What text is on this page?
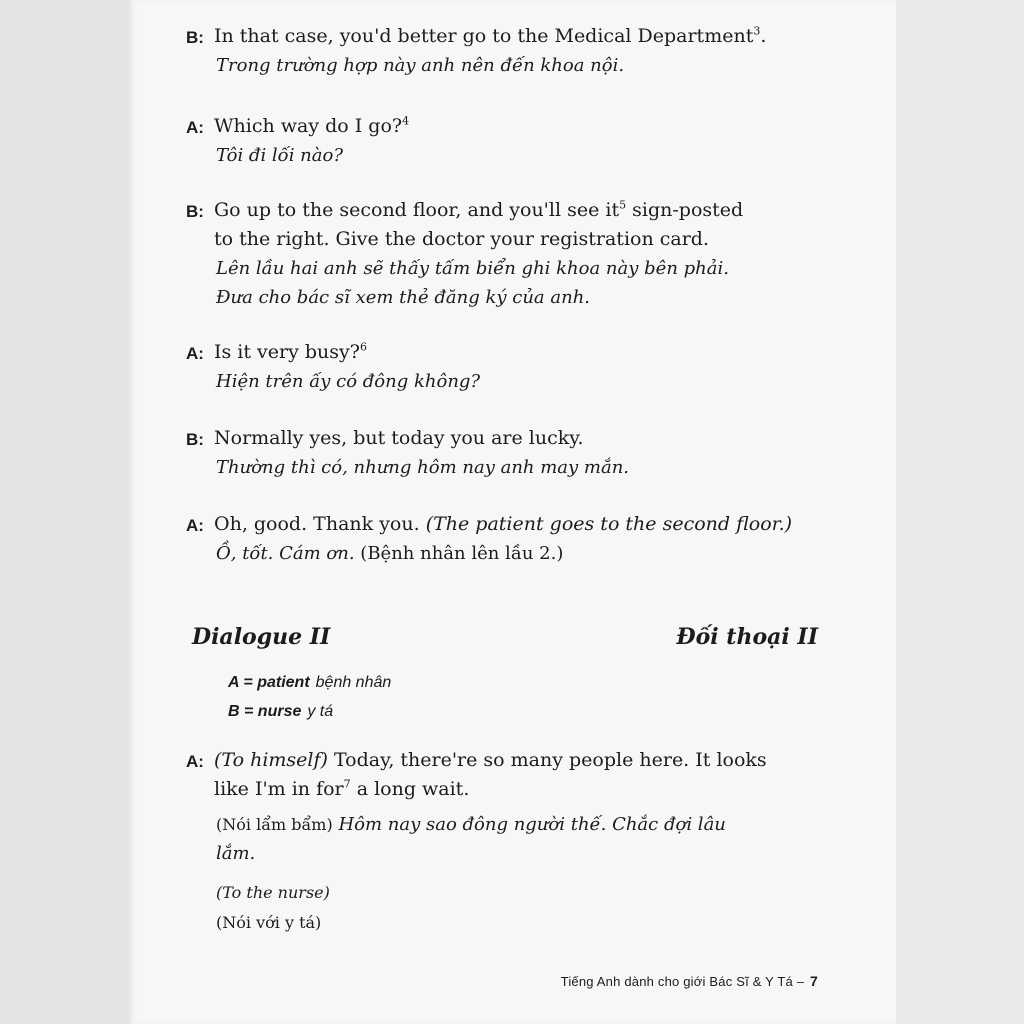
B: In that case, you'd better go to the Medical Department$^3$.
Trong trường hợp này anh nên đến khoa nội.
A: Which way do I go?$^4$
Tôi đi lối nào?
B: Go up to the second floor, and you'll see $it^5$ sign-posted
to the right. Give the doctor your registration card.
Lên lầu hai anh sẽ thấy tấm biển ghi khoa này bên phải.
Đưa cho bác sĩ xem thẻ đăng ký của anh.
A: Is it very busy?$^6$
Hiện trên ấy có đông không?
B: Normally yes, but today you are lucky.
Thường thì có, nhưng hôm nay anh may mắn.
A: Oh, good. Thank you. (The patient goes to the second floor.)
Ồ, tốt. Cám ơn. (Bệnh nhân lên lầu 2.)
Dialogue II	Đối thoại II
A = patient bệnh nhân
B = nurse y tá
A: (To himself) Today, there're so many people here. It looks
like I'm in for$^7$ a long wait.
(Nói lẩm bẩm) Hôm nay sao đông người thế. Chắc đợi lâu
lắm.
(To the nurse)
(Nói với y tá)
Tiếng Anh dành cho giới Bác Sĩ & Y Tá – 7
